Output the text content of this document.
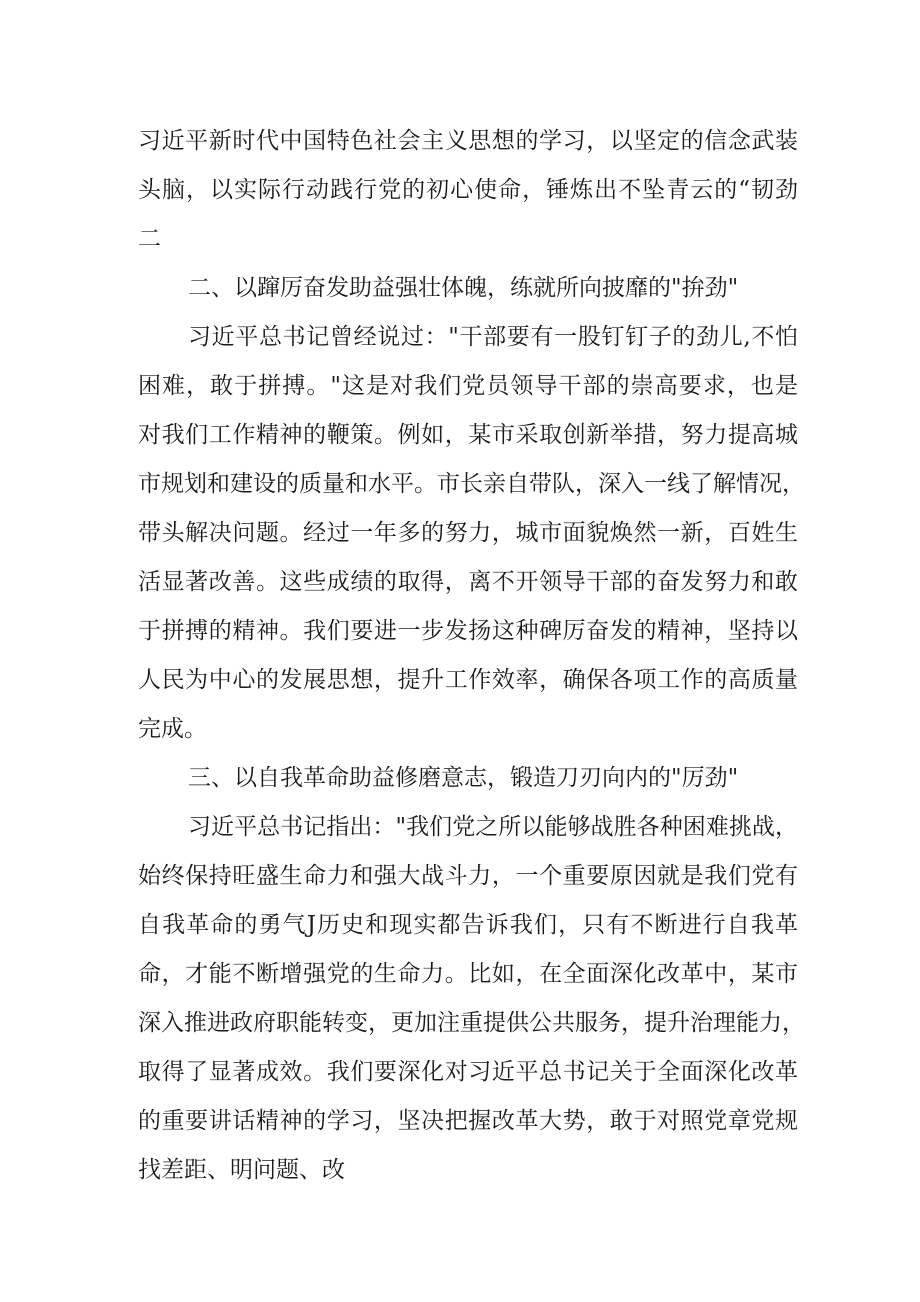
习近平新时代中国特色社会主义思想的学习，以坚定的信念武装
头脑，以实际行动践行党的初心使命，锤炼出不坠青云的“韧劲
二
二、以蹿厉奋发助益强壮体魄，练就所向披靡的"拚劲"
习近平总书记曾经说过："干部要有一股钉钉子的劲儿,不怕
困难，敢于拼搏。"这是对我们党员领导干部的崇高要求，也是
对我们工作精神的鞭策。例如，某市采取创新举措，努力提高城
市规划和建设的质量和水平。市长亲自带队，深入一线了解情况，
带头解决问题。经过一年多的努力，城市面貌焕然一新，百姓生
活显著改善。这些成绩的取得，离不开领导干部的奋发努力和敢
于拼搏的精神。我们要进一步发扬这种碑厉奋发的精神，坚持以
人民为中心的发展思想，提升工作效率，确保各项工作的高质量
完成。
三、以自我革命助益修磨意志，锻造刀刃向内的"厉劲"
习近平总书记指出："我们党之所以能够战胜各种困难挑战，
始终保持旺盛生命力和强大战斗力，一个重要原因就是我们党有
自我革命的勇气J历史和现实都告诉我们，只有不断进行自我革
命，才能不断增强党的生命力。比如，在全面深化改革中，某市
深入推进政府职能转变，更加注重提供公共服务，提升治理能力，
取得了显著成效。我们要深化对习近平总书记关于全面深化改革
的重要讲话精神的学习，坚决把握改革大势，敢于对照党章党规
找差距、明问题、改
